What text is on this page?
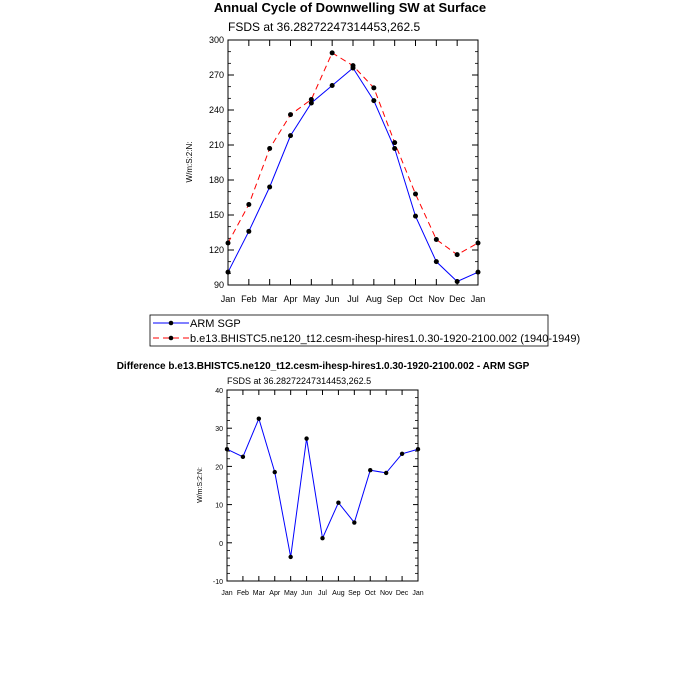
Annual Cycle of Downwelling SW at Surface
FSDS at 36.28272247314453,262.5
W/m:S:2:N:
Jan Feb Mar Apr May Jun Jul Aug Sep Oct Nov Dec Jan
90
120
150
180
210
240
270
300
ARM SGP
b.e13.BHISTC5.ne120_t12.cesm-ihesp-hires1.0.30-1920-2100.002 (1940-1949)
Difference b.e13.BHISTC5.ne120_t12.cesm-ihesp-hires1.0.30-1920-2100.002 - ARM SGP
FSDS at 36.28272247314453,262.5
W/m:S:2:N:
Jan Feb Mar Apr May Jun Jul Aug Sep Oct Nov Dec Jan
-10
0
10
20
30
40
